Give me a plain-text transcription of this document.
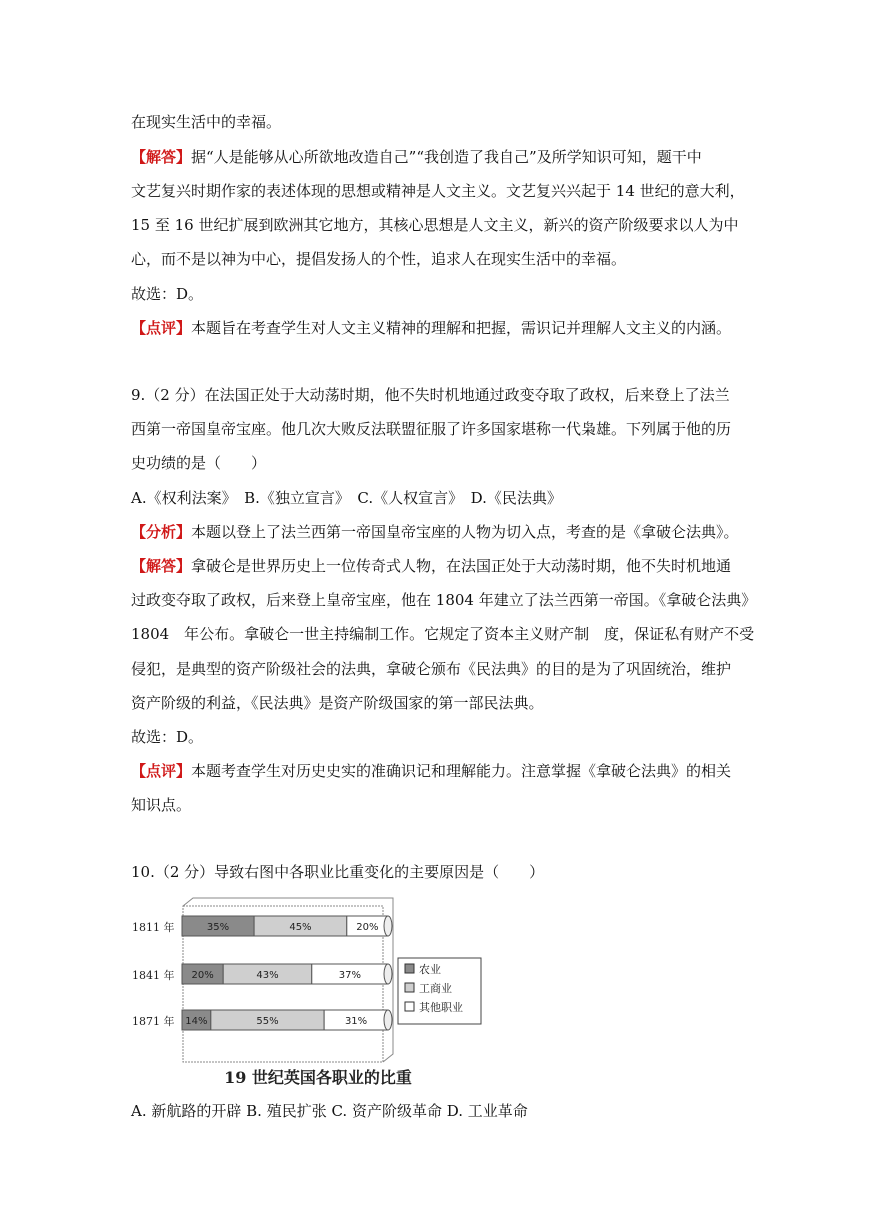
在现实生活中的幸福。
【解答】据“人是能够从心所欲地改造自己”“我创造了我自己”及所学知识可知，题干中
文艺复兴时期作家的表述体现的思想或精神是人文主义。文艺复兴兴起于 14 世纪的意大利，
15 至 16 世纪扩展到欧洲其它地方，其核心思想是人文主义，新兴的资产阶级要求以人为中
心，而不是以神为中心，提倡发扬人的个性，追求人在现实生活中的幸福。
故选：D。
【点评】本题旨在考查学生对人文主义精神的理解和把握，需识记并理解人文主义的内涵。
9.（2 分）在法国正处于大动荡时期，他不失时机地通过政变夺取了政权，后来登上了法兰
西第一帝国皇帝宝座。他几次大败反法联盟征服了许多国家堪称一代枭雄。下列属于他的历
史功绩的是（　　）
A.《权利法案》　B.《独立宣言》　C.《人权宣言》　D.《民法典》
【分析】本题以登上了法兰西第一帝国皇帝宝座的人物为切入点，考查的是《拿破仑法典》。
【解答】拿破仑是世界历史上一位传奇式人物，在法国正处于大动荡时期，他不失时机地通
过政变夺取了政权，后来登上皇帝宝座，他在 1804 年建立了法兰西第一帝国。《拿破仑法典》
1804　年公布。拿破仑一世主持编制工作。它规定了资本主义财产制　度，保证私有财产不受
侵犯，是典型的资产阶级社会的法典，拿破仑颁布《民法典》的目的是为了巩固统治，维护
资产阶级的利益，《民法典》是资产阶级国家的第一部民法典。
故选：D。
【点评】本题考查学生对历史史实的准确识记和理解能力。注意掌握《拿破仑法典》的相关
知识点。
10.（2 分）导致右图中各职业比重变化的主要原因是（　　）
1811 年	35%	45%	20%
1841 年 20%	43%	37%
1871 年 14%	55%	31%
农业
工商业
其他职业
19 世纪英国各职业的比重
A. 新航路的开辟 B. 殖民扩张 C. 资产阶级革命 D. 工业革命
